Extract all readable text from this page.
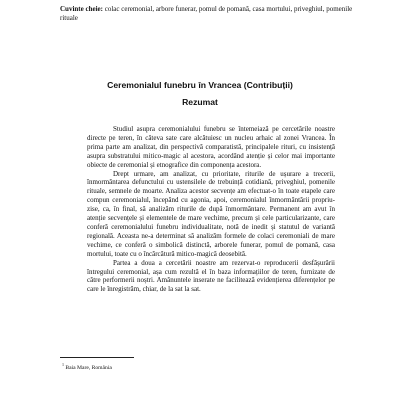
Cuvinte cheie: colac ceremonial, arbore funerar, pomul de pomană, casa mortului, priveghiul, pomenile rituale
Ceremonialul funebru în Vrancea (Contribuții)
Rezumat

Studiul asupra ceremonialului funebru se întemeiază pe cercetările noastre directe pe teren, în câteva sate care alcătuiesc un nucleu arhaic al zonei Vrancea. În prima parte am analizat, din perspectivă comparatistă, principalele rituri, cu insistență asupra substratului mitico-magic al acestora, acordând atenție și celor mai importante obiecte de ceremonial și etnografice din componența acestora.

Drept urmare, am analizat, cu prioritate, riturile de ușurare a trecerii, înmormântarea defunctului cu ustensilele de trebuință cotidiană, priveghiul, pomenile rituale, semnele de moarte. Analiza acestor secvențe am efectuat-o în toate etapele care compun ceremonialul, începând cu agonia, apoi, ceremonialul înmormântării propriu-zise, ca, în final, să analizăm riturile de după înmormântare. Permanent am avut în atenție secvențele și elementele de mare vechime, precum și cele particularizante, care conferă ceremonialului funebru individualitate, notă de inedit și statutul de variantă regională. Aceasta ne-a determinat să analizăm formele de colaci ceremoniali de mare vechime, ce conferă o simbolică distinctă, arborele funerar, pomul de pomană, casa mortului, toate cu o încărcătură mitico-magică deosebită.

Partea a doua a cercetării noastre am rezervat-o reproducerii desfășurării întregului ceremonial, așa cum rezultă el în baza informațiilor de teren, furnizate de către performerii noștri. Amănuntele inserate ne facilitează evidențierea diferențelor pe care le înregistrăm, chiar, de la sat la sat.

$^1$ Baia Mare, România
